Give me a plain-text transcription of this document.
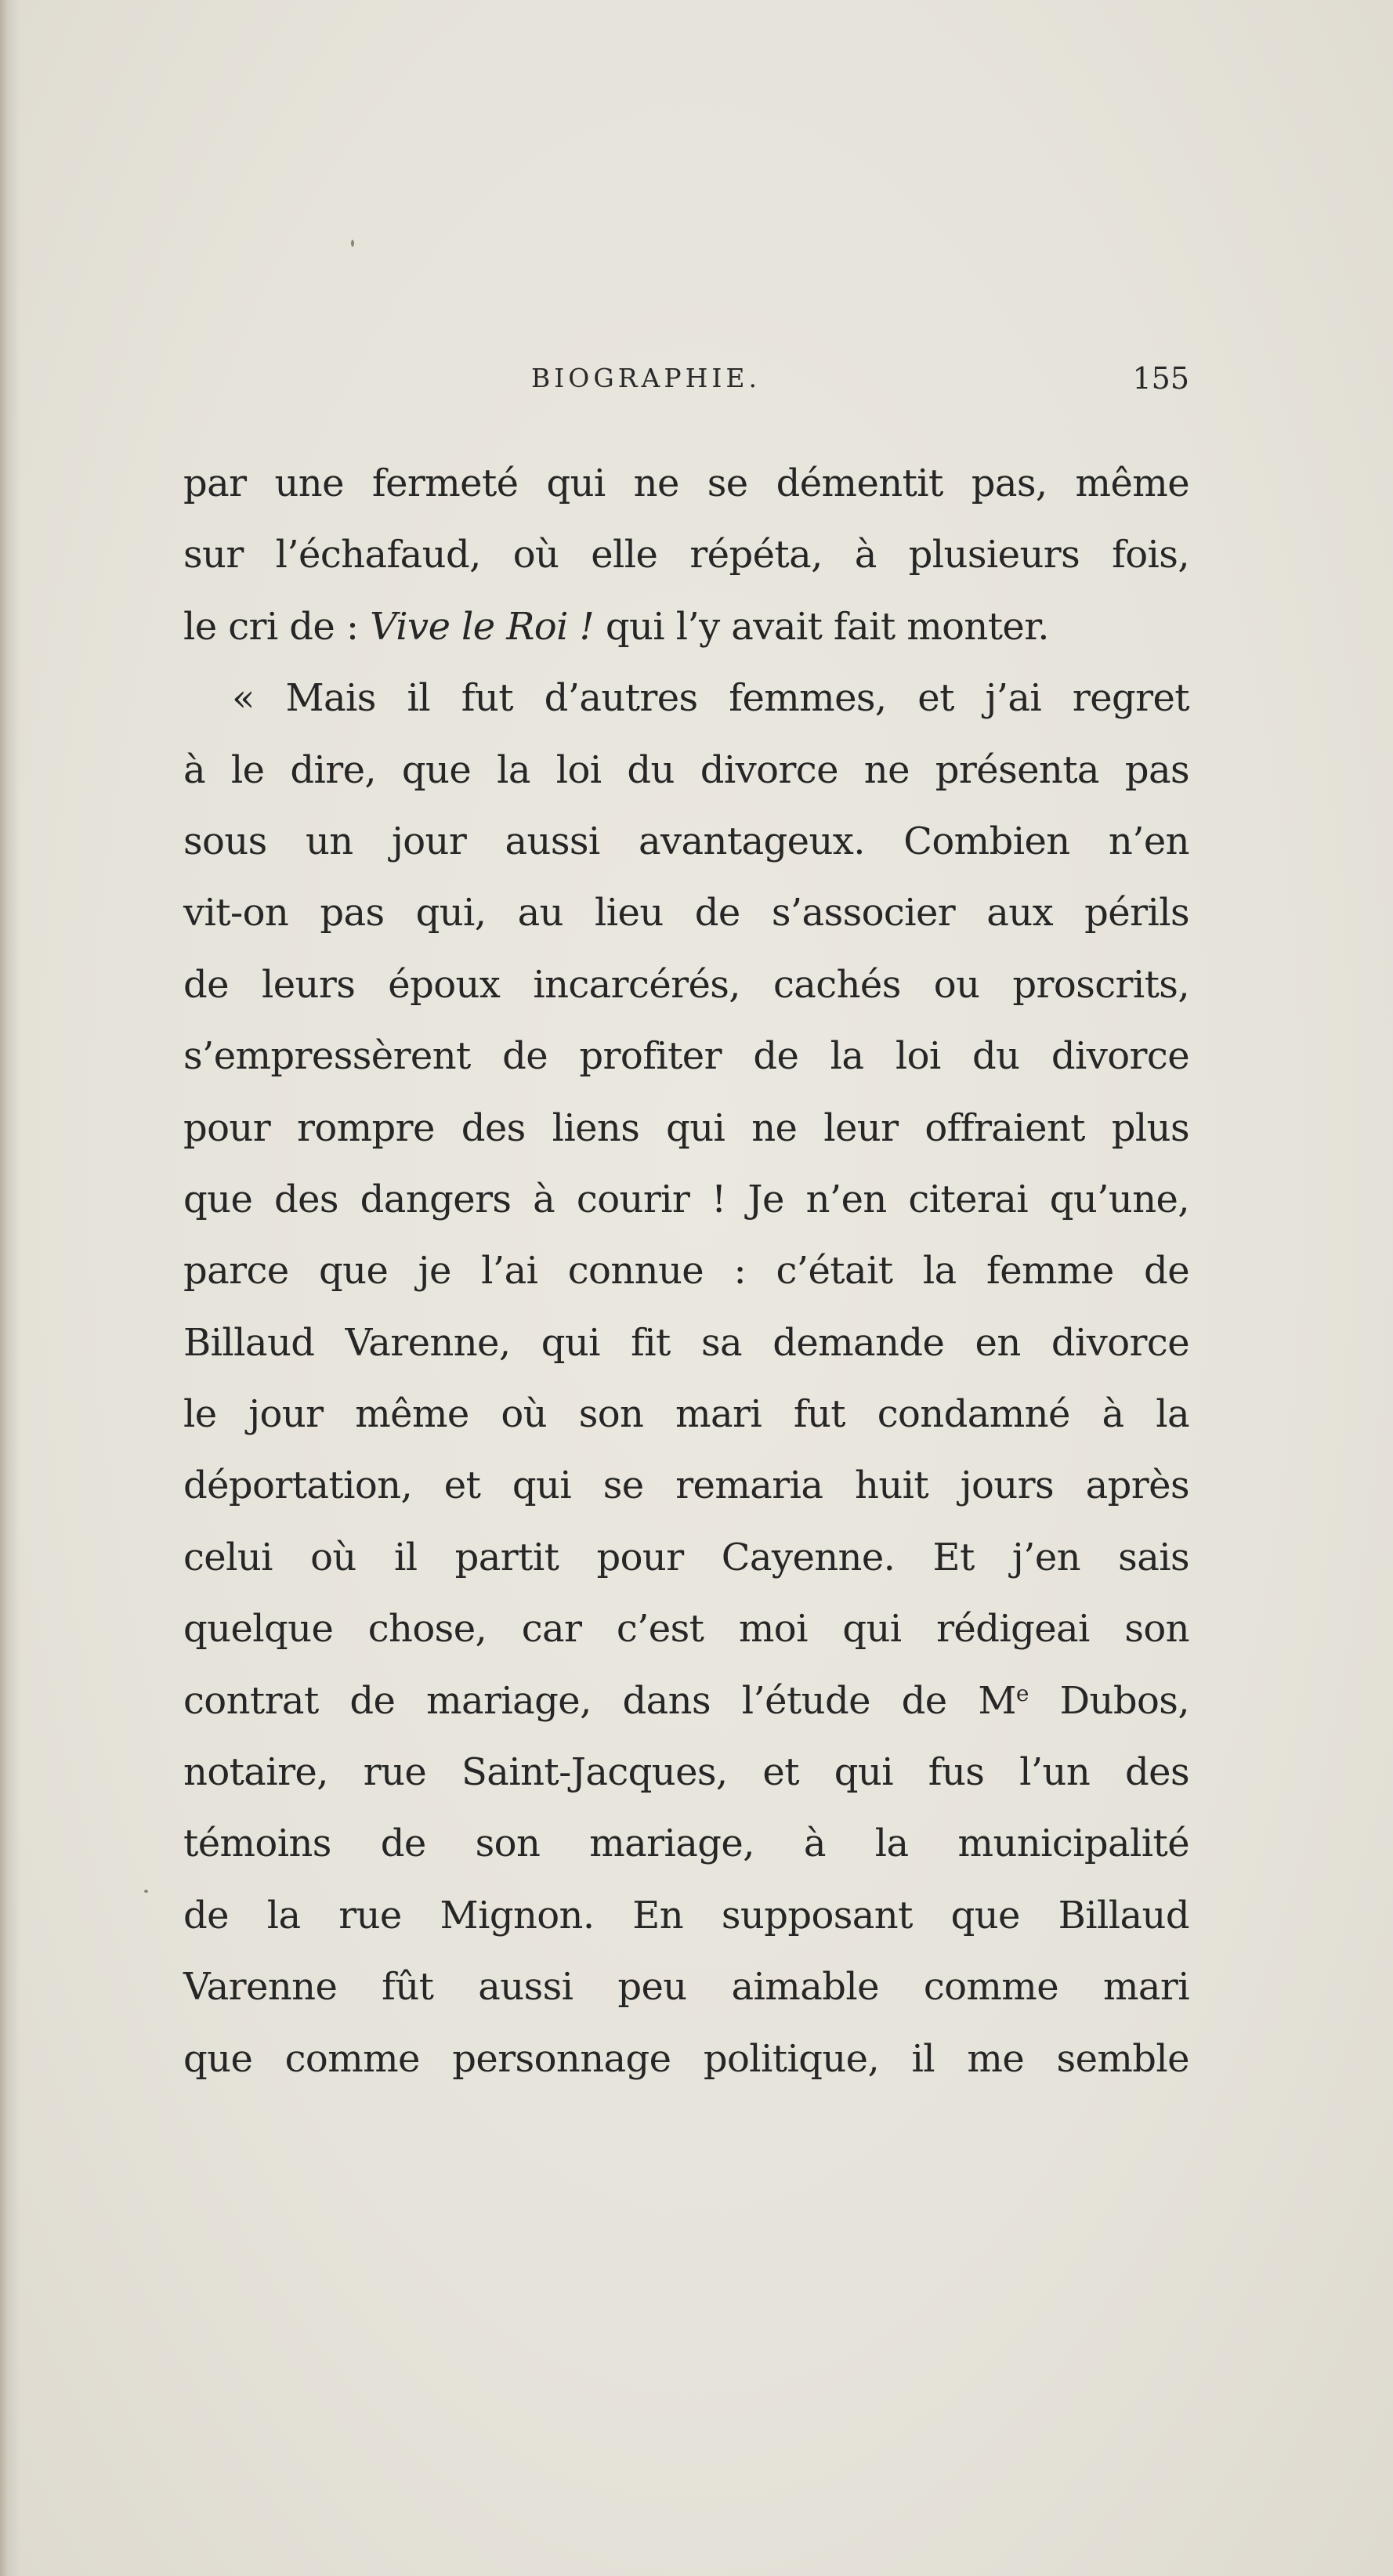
BIOGRAPHIE.	155
par une fermeté qui ne se démentit pas, même
sur l’échafaud, où elle répéta, à plusieurs fois,
le cri de : Vive le Roi ! qui l’y avait fait monter.
« Mais il fut d’autres femmes, et j’ai regret
à le dire, que la loi du divorce ne présenta pas
sous un jour aussi avantageux. Combien n’en
vit-on pas qui, au lieu de s’associer aux périls
de leurs époux incarcérés, cachés ou proscrits,
s’empressèrent de profiter de la loi du divorce
pour rompre des liens qui ne leur offraient plus
que des dangers à courir ! Je n’en citerai qu’une,
parce que je l’ai connue : c’était la femme de
Billaud Varenne, qui fit sa demande en divorce
le jour même où son mari fut condamné à la
déportation, et qui se remaria huit jours après
celui où il partit pour Cayenne. Et j’en sais
quelque chose, car c’est moi qui rédigeai son
contrat de mariage, dans l’étude de Me Dubos,
notaire, rue Saint-Jacques, et qui fus l’un des
témoins de son mariage, à la municipalité
de la rue Mignon. En supposant que Billaud
Varenne fût aussi peu aimable comme mari
que comme personnage politique, il me semble
